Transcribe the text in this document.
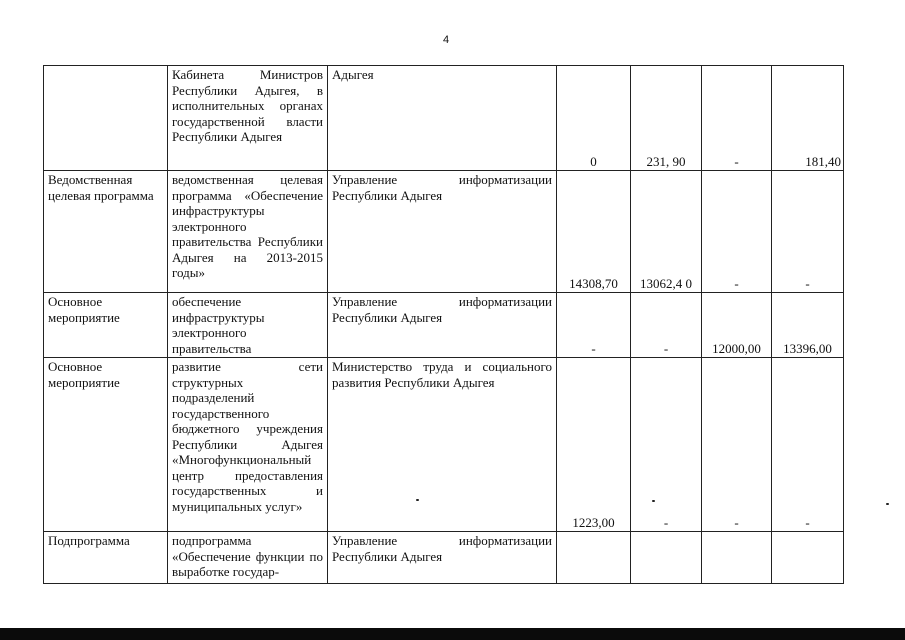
4
	Кабинета Министров Республики Адыгея, в исполнительных органах государственной власти Республики Адыгея	Адыгея	0	231, 90	-	181,40
Ведомственная целевая программа	ведомственная целевая программа «Обеспечение инфраструктуры электронного правительства Республики Адыгея на 2013-2015 годы»	Управление информатизации Республики Адыгея	14308,70	13062,4 0	-	-
Основное мероприятие	обеспечение инфраструктуры электронного правительства	Управление информатизации Республики Адыгея	-	-	12000,00	13396,00
Основное мероприятие	развитие сети структурных подразделений государственного бюджетного учреждения Республики Адыгея «Многофункциональный центр предоставления государственных и муниципальных услуг»	Министерство труда и социального развития Республики Адыгея	1223,00	-	-	-
Подпрограмма	подпрограмма «Обеспечение функции по выработке государ-	Управление информатизации Республики Адыгея				
